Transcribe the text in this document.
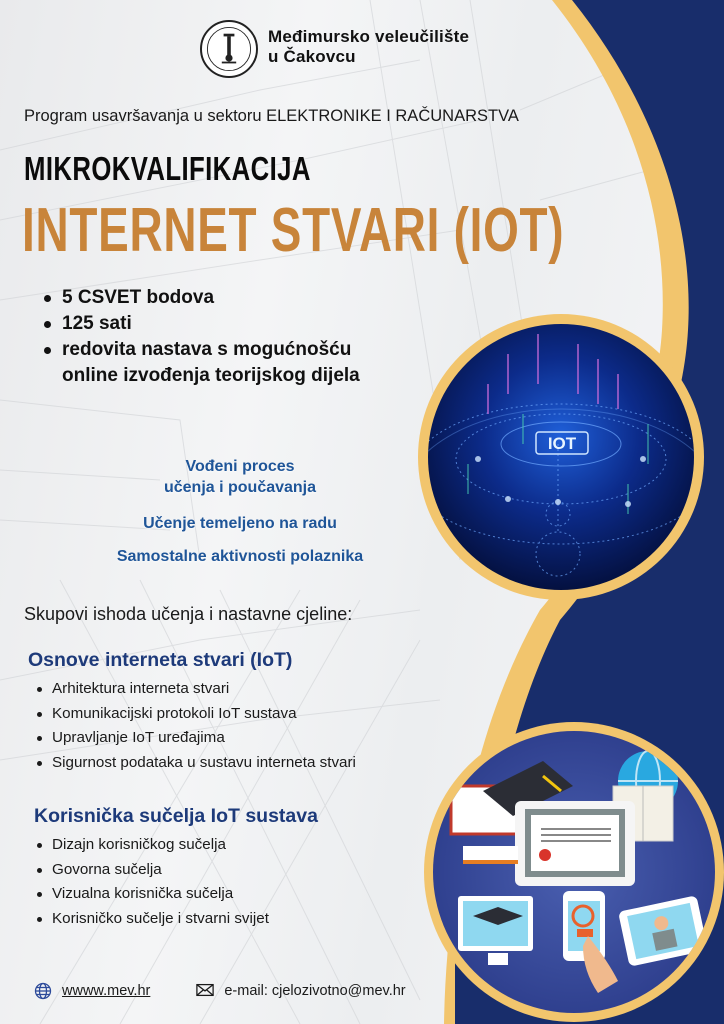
IOT
Međimursko veleučilište
u Čakovcu
Program usavršavanja u sektoru ELEKTRONIKE I RAČUNARSTVA
MIKROKVALIFIKACIJA
INTERNET STVARI (IOT)
5 CSVET bodova
125 sati
redovita nastava s mogućnošću online izvođenja teorijskog dijela
Vođeni proces
učenja i poučavanja
Učenje temeljeno na radu
Samostalne aktivnosti polaznika
Skupovi ishoda učenja i nastavne cjeline:
Osnove interneta stvari (IoT)
Arhitektura interneta stvari
Komunikacijski protokoli IoT sustava
Upravljanje IoT uređajima
Sigurnost podataka u sustavu interneta stvari
Korisnička sučelja IoT sustava
Dizajn korisničkog sučelja
Govorna sučelja
Vizualna korisnička sučelja
Korisničko sučelje i stvarni svijet
wwww.mev.hr	e-mail: cjelozivotno@mev.hr
